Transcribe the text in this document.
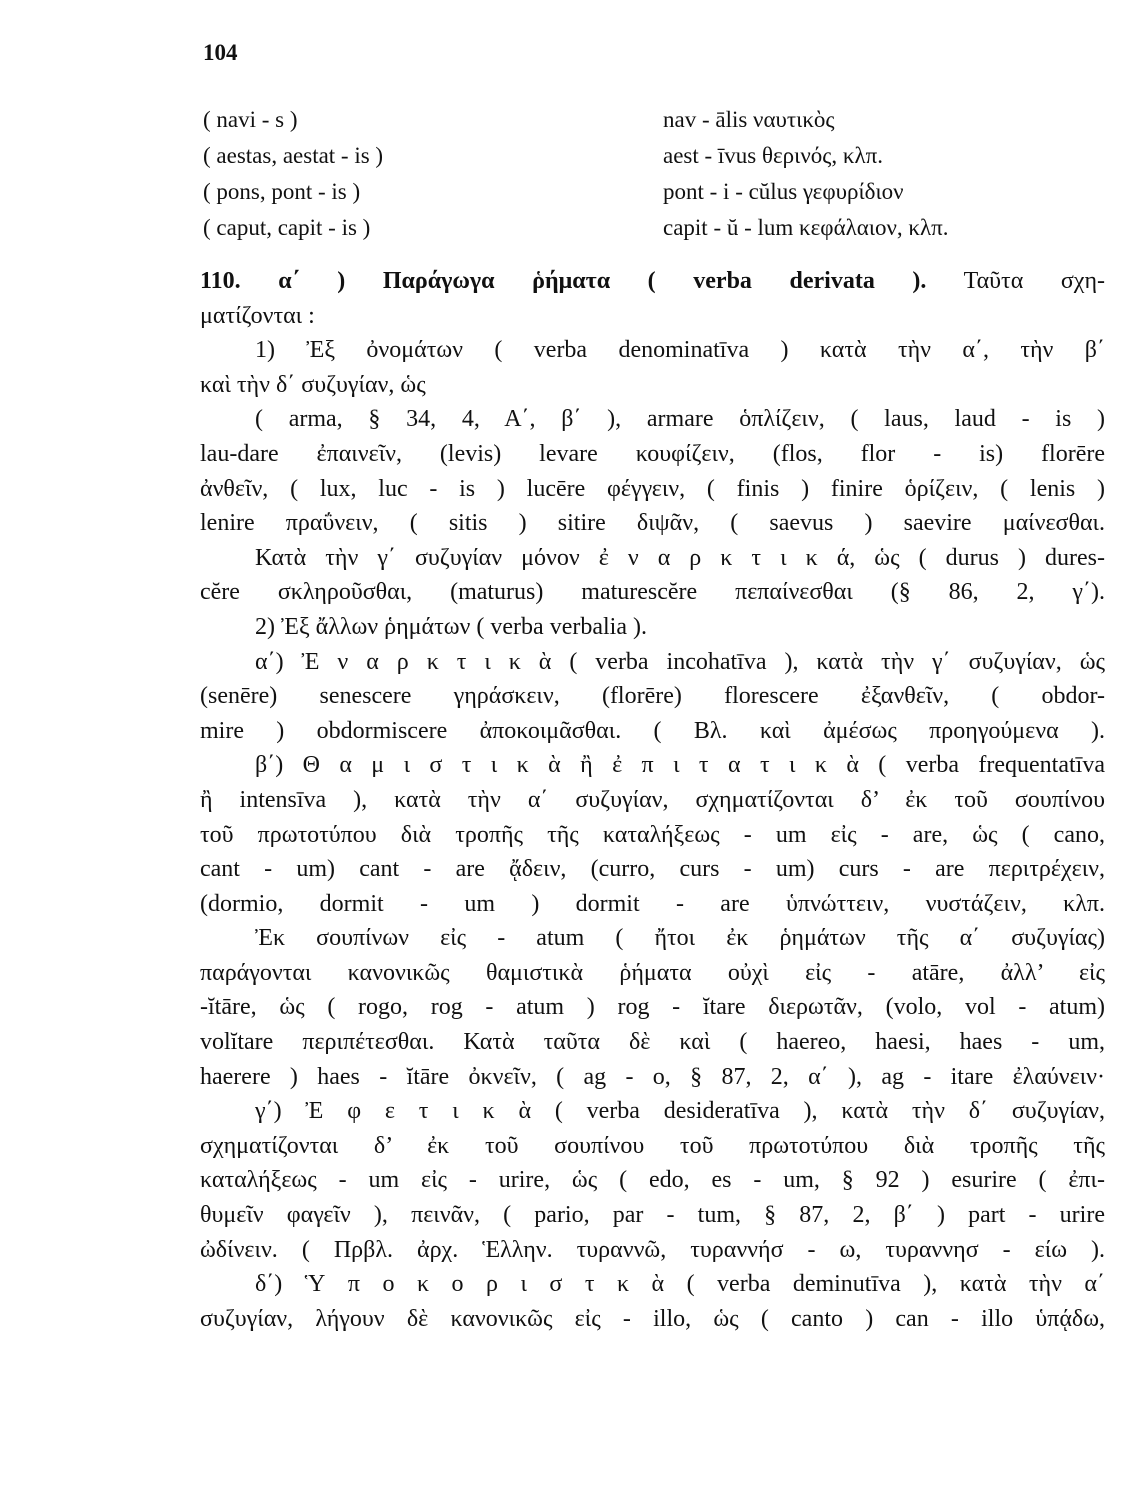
104
( navi - s )
( aestas, aestat - is )
( pons, pont - is )
( caput, capit - is )
nav - ālis ναυτικὸς
aest - īvus θερινός, κλπ.
pont - i - cŭlus γεφυρίδιον
capit - ŭ - lum κεφάλαιον, κλπ.
110. α΄ ) Παράγωγα ῥήματα ( verba derivata ). Ταῦτα σχη-
ματίζονται :
1) Ἐξ ὀνομάτων ( verba denominatīva ) κατὰ τὴν α΄, τὴν β΄
καὶ τὴν δ΄ συζυγίαν, ὡς
( arma, § 34, 4, A΄, β΄ ), armare ὁπλίζειν, ( laus, laud - is )
lau-dare ἐπαινεῖν, (levis) levare κουφίζειν, (flos, flor - is) florēre
ἀνθεῖν, ( lux, luc - is ) lucēre φέγγειν, ( finis ) finire ὁρίζειν, ( lenis )
lenire πραΰνειν, ( sitis ) sitire διψᾶν, ( saevus ) saevire μαίνεσθαι.
Κατὰ τὴν γ΄ συζυγίαν μόνον ἐ ν α ρ κ τ ι κ ά, ὡς ( durus ) dures-
cĕre σκληροῦσθαι, (maturus) maturescĕre πεπαίνεσθαι (§ 86, 2, γ΄).
2) Ἐξ ἄλλων ῥημάτων ( verba verbalia ).
α΄) Ἐ ν α ρ κ τ ι κ ὰ ( verba incohatīva ), κατὰ τὴν γ΄ συζυγίαν, ὡς
(senēre) senescere γηράσκειν, (florēre) florescere ἐξανθεῖν, ( obdor-
mire ) obdormiscere ἀποκοιμᾶσθαι. ( Βλ. καὶ ἀμέσως προηγούμενα ).
β΄) Θ α μ ι σ τ ι κ ὰ ἢ ἐ π ι τ α τ ι κ ὰ ( verba frequentatīva
ἢ intensīva ), κατὰ τὴν α΄ συζυγίαν, σχηματίζονται δ’ ἐκ τοῦ σουπίνου
τοῦ πρωτοτύπου διὰ τροπῆς τῆς καταλήξεως - um εἰς - are, ὡς ( cano,
cant - um) cant - are ᾄδειν, (curro, curs - um) curs - are περιτρέχειν,
(dormio, dormit - um ) dormit - are ὑπνώττειν, νυστάζειν, κλπ.
Ἐκ σουπίνων εἰς - atum ( ἤτοι ἐκ ῥημάτων τῆς α΄ συζυγίας)
παράγονται κανονικῶς θαμιστικὰ ῥήματα οὐχὶ εἰς - atāre, ἀλλ’ εἰς
-ĭtāre, ὡς ( rogo, rog - atum ) rog - ĭtare διερωτᾶν, (volo, vol - atum)
volĭtare περιπέτεσθαι. Κατὰ ταῦτα δὲ καὶ ( haereo, haesi, haes - um,
haerere ) haes - ĭtāre ὀκνεῖν, ( ag - o, § 87, 2, α΄ ), ag - itare ἐλαύνειν·
γ΄) Ἐ φ ε τ ι κ ὰ ( verba desideratīva ), κατὰ τὴν δ΄ συζυγίαν,
σχηματίζονται δ’ ἐκ τοῦ σουπίνου τοῦ πρωτοτύπου διὰ τροπῆς τῆς
καταλήξεως - um εἰς - urire, ὡς ( edo, es - um, § 92 ) esurire ( ἐπι-
θυμεῖν φαγεῖν ), πεινᾶν, ( pario, par - tum, § 87, 2, β΄ ) part - urire
ὠδίνειν. ( Πρβλ. ἀρχ. Ἑλλην. τυραννῶ, τυραννήσ - ω, τυραννησ - είω ).
δ΄) Ὑ π ο κ ο ρ ι σ τ κ ὰ ( verba deminutīva ), κατὰ τὴν α΄
συζυγίαν, λήγουν δὲ κανονικῶς εἰς - illo, ὡς ( canto ) can - illo ὑπᾴδω,
